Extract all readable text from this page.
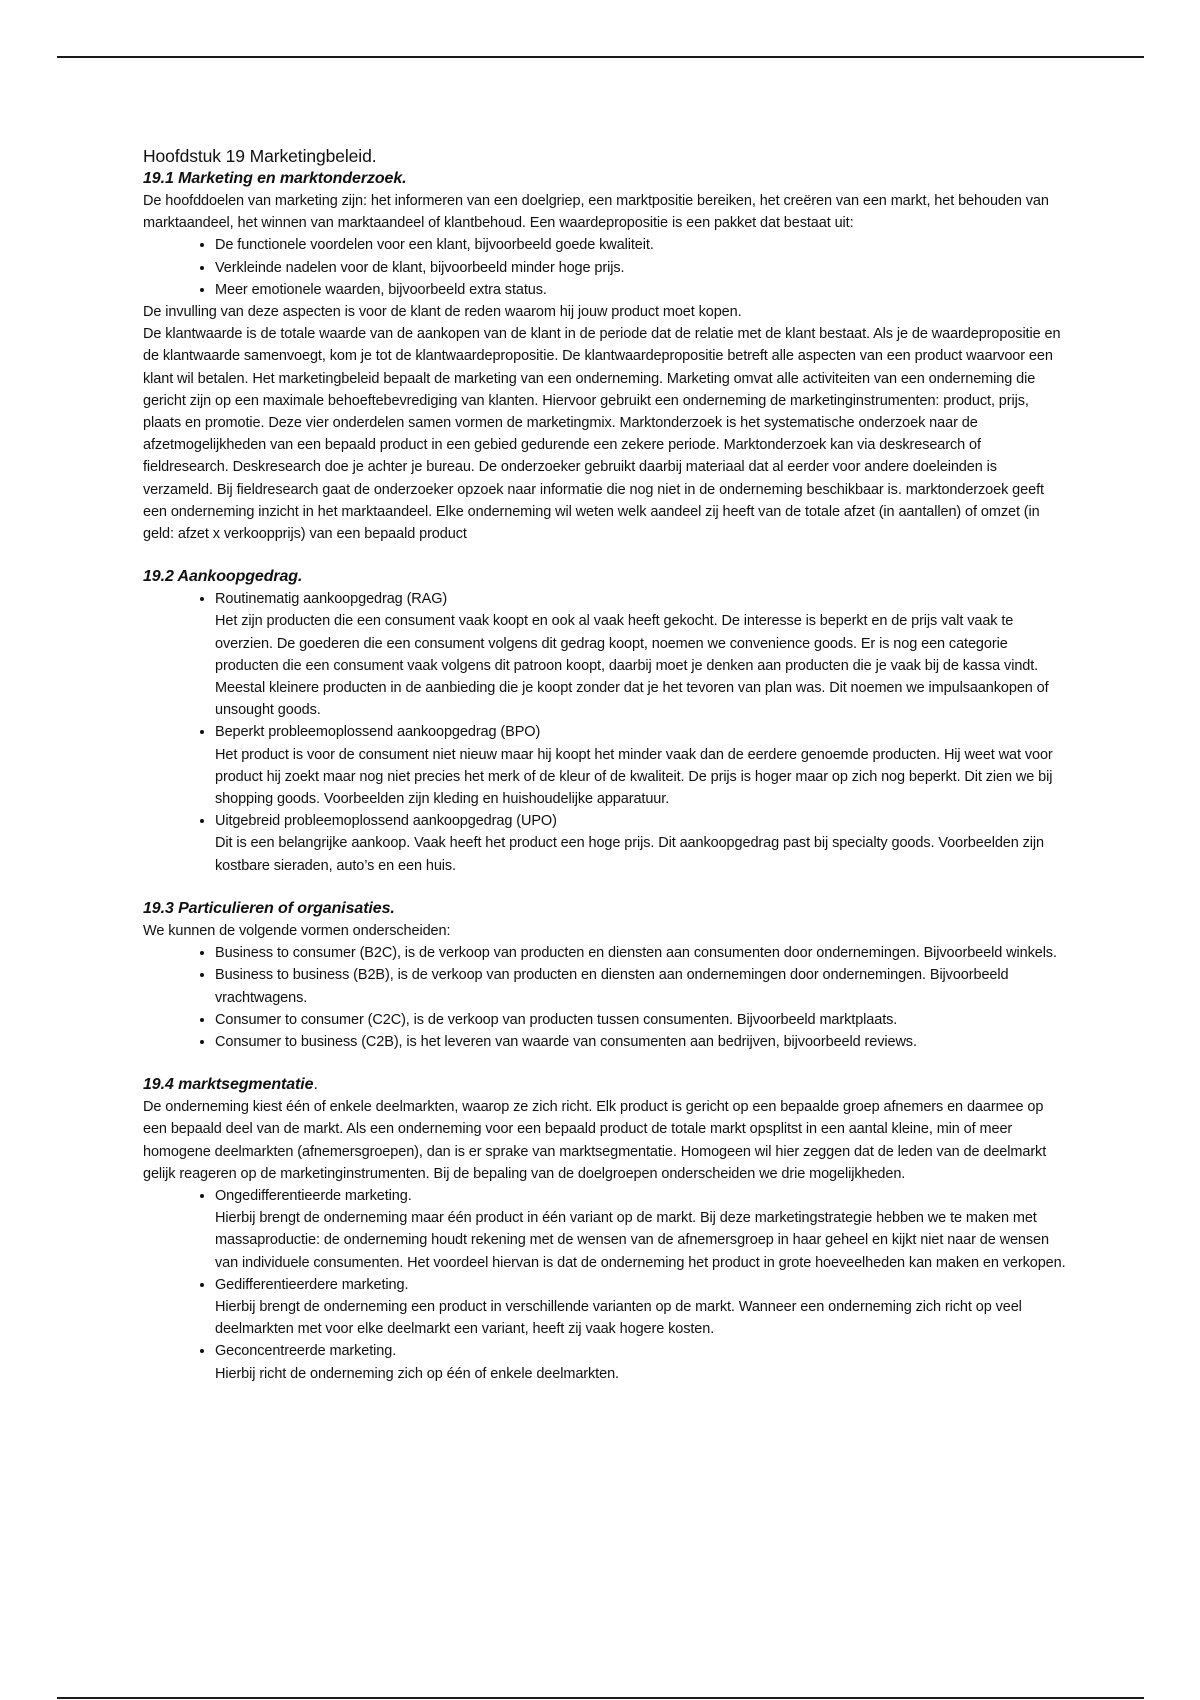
Hoofdstuk 19 Marketingbeleid.
19.1 Marketing en marktonderzoek.

De hoofddoelen van marketing zijn: het informeren van een doelgriep, een marktpositie bereiken, het creëren van een markt, het behouden van marktaandeel, het winnen van marktaandeel of klantbehoud. Een waardepropositie is een pakket dat bestaat uit:

• De functionele voordelen voor een klant, bijvoorbeeld goede kwaliteit.
• Verkleinde nadelen voor de klant, bijvoorbeeld minder hoge prijs.
• Meer emotionele waarden, bijvoorbeeld extra status.

De invulling van deze aspecten is voor de klant de reden waarom hij jouw product moet kopen.

De klantwaarde is de totale waarde van de aankopen van de klant in de periode dat de relatie met de klant bestaat. Als je de waardepropositie en de klantwaarde samenvoegt, kom je tot de klantwaardepropositie. De klantwaardepropositie betreft alle aspecten van een product waarvoor een klant wil betalen. Het marketingbeleid bepaalt de marketing van een onderneming. Marketing omvat alle activiteiten van een onderneming die gericht zijn op een maximale behoeftebevrediging van klanten. Hiervoor gebruikt een onderneming de marketinginstrumenten: product, prijs, plaats en promotie. Deze vier onderdelen samen vormen de marketingmix. Marktonderzoek is het systematische onderzoek naar de afzetmogelijkheden van een bepaald product in een gebied gedurende een zekere periode. Marktonderzoek kan via deskresearch of fieldresearch. Deskresearch doe je achter je bureau. De onderzoeker gebruikt daarbij materiaal dat al eerder voor andere doeleinden is verzameld. Bij fieldresearch gaat de onderzoeker opzoek naar informatie die nog niet in de onderneming beschikbaar is. marktonderzoek geeft een onderneming inzicht in het marktaandeel. Elke onderneming wil weten welk aandeel zij heeft van de totale afzet (in aantallen) of omzet (in geld: afzet x verkoopprijs) van een bepaald product

19.2 Aankoopgedrag.
• Routinematig aankoopgedrag (RAG)
Het zijn producten die een consument vaak koopt en ook al vaak heeft gekocht. De interesse is beperkt en de prijs valt vaak te overzien. De goederen die een consument volgens dit gedrag koopt, noemen we convenience goods. Er is nog een categorie producten die een consument vaak volgens dit patroon koopt, daarbij moet je denken aan producten die je vaak bij de kassa vindt. Meestal kleinere producten in de aanbieding die je koopt zonder dat je het tevoren van plan was. Dit noemen we impulsaankopen of unsought goods.
• Beperkt probleemoplossend aankoopgedrag (BPO)
Het product is voor de consument niet nieuw maar hij koopt het minder vaak dan de eerdere genoemde producten. Hij weet wat voor product hij zoekt maar nog niet precies het merk of de kleur of de kwaliteit. De prijs is hoger maar op zich nog beperkt. Dit zien we bij shopping goods. Voorbeelden zijn kleding en huishoudelijke apparatuur.
• Uitgebreid probleemoplossend aankoopgedrag (UPO)
Dit is een belangrijke aankoop. Vaak heeft het product een hoge prijs. Dit aankoopgedrag past bij specialty goods. Voorbeelden zijn kostbare sieraden, auto’s en een huis.
19.3 Particulieren of organisaties.

We kunnen de volgende vormen onderscheiden:

• Business to consumer (B2C), is de verkoop van producten en diensten aan consumenten door ondernemingen. Bijvoorbeeld winkels.
• Business to business (B2B), is de verkoop van producten en diensten aan ondernemingen door ondernemingen. Bijvoorbeeld vrachtwagens.
• Consumer to consumer (C2C), is de verkoop van producten tussen consumenten. Bijvoorbeeld marktplaats.
• Consumer to business (C2B), is het leveren van waarde van consumenten aan bedrijven, bijvoorbeeld reviews.
19.4 marktsegmentatie.

De onderneming kiest één of enkele deelmarkten, waarop ze zich richt. Elk product is gericht op een bepaalde groep afnemers en daarmee op een bepaald deel van de markt. Als een onderneming voor een bepaald product de totale markt opsplitst in een aantal kleine, min of meer homogene deelmarkten (afnemersgroepen), dan is er sprake van marktsegmentatie. Homogeen wil hier zeggen dat de leden van de deelmarkt gelijk reageren op de marketinginstrumenten. Bij de bepaling van de doelgroepen onderscheiden we drie mogelijkheden.

• Ongedifferentieerde marketing.
Hierbij brengt de onderneming maar één product in één variant op de markt. Bij deze marketingstrategie hebben we te maken met massaproductie: de onderneming houdt rekening met de wensen van de afnemersgroep in haar geheel en kijkt niet naar de wensen van individuele consumenten. Het voordeel hiervan is dat de onderneming het product in grote hoeveelheden kan maken en verkopen.
• Gedifferentieerdere marketing.
Hierbij brengt de onderneming een product in verschillende varianten op de markt. Wanneer een onderneming zich richt op veel deelmarkten met voor elke deelmarkt een variant, heeft zij vaak hogere kosten.
• Geconcentreerde marketing.
Hierbij richt de onderneming zich op één of enkele deelmarkten.
